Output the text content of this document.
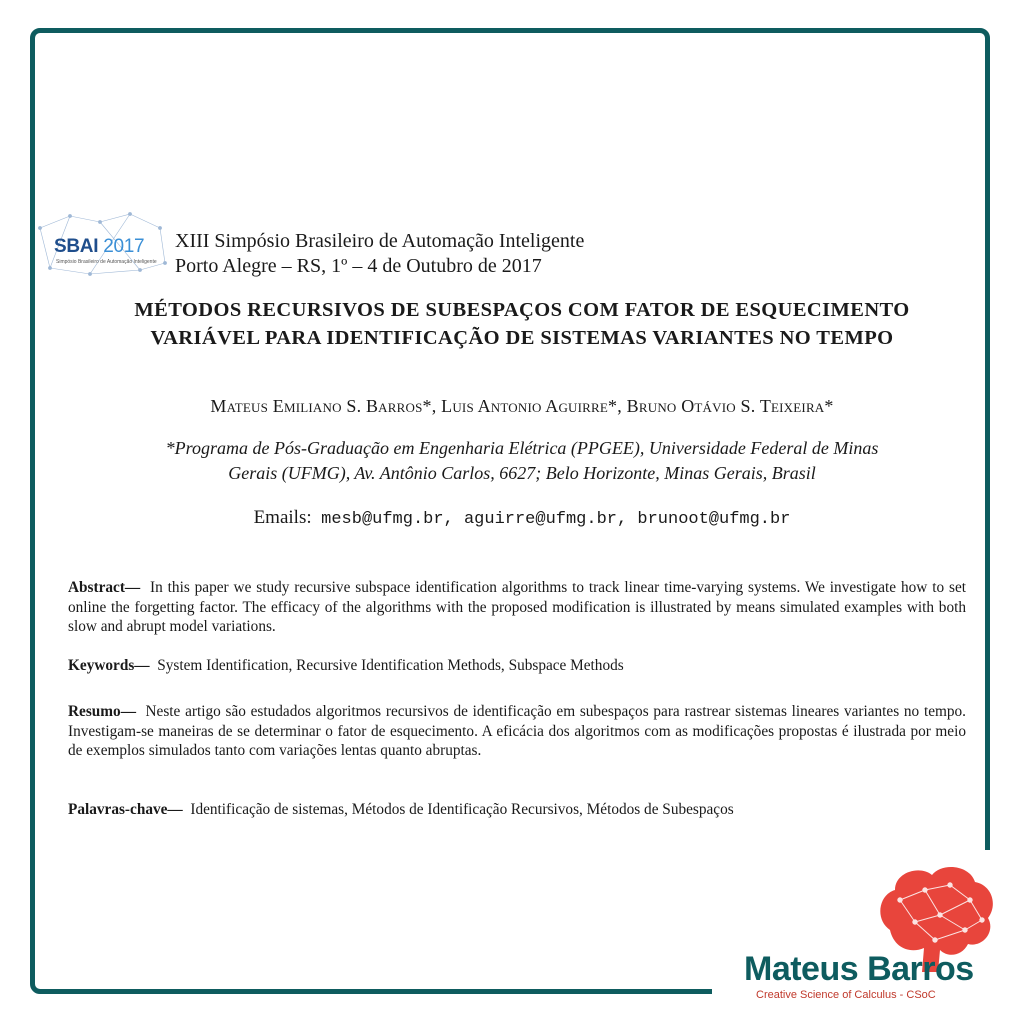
SBAI 2017
Simpósio Brasileiro de Automação Inteligente
XIII Simpósio Brasileiro de Automação Inteligente
Porto Alegre – RS, 1º – 4 de Outubro de 2017
MÉTODOS RECURSIVOS DE SUBESPAÇOS COM FATOR DE ESQUECIMENTO
VARIÁVEL PARA IDENTIFICAÇÃO DE SISTEMAS VARIANTES NO TEMPO
Mateus Emiliano S. Barros*, Luis Antonio Aguirre*, Bruno Otávio S. Teixeira*
*Programa de Pós-Graduação em Engenharia Elétrica (PPGEE), Universidade Federal de Minas
Gerais (UFMG), Av. Antônio Carlos, 6627; Belo Horizonte, Minas Gerais, Brasil
Emails: mesb@ufmg.br, aguirre@ufmg.br, brunoot@ufmg.br
Abstract— In this paper we study recursive subspace identification algorithms to track linear time-varying systems. We investigate how to set online the forgetting factor. The efficacy of the algorithms with the proposed modification is illustrated by means simulated examples with both slow and abrupt model variations.
Keywords— System Identification, Recursive Identification Methods, Subspace Methods
Resumo— Neste artigo são estudados algoritmos recursivos de identificação em subespaços para rastrear sistemas lineares variantes no tempo. Investigam-se maneiras de se determinar o fator de esquecimento. A eficácia dos algoritmos com as modificações propostas é ilustrada por meio de exemplos simulados tanto com variações lentas quanto abruptas.
Palavras-chave— Identificação de sistemas, Métodos de Identificação Recursivos, Métodos de Subespaços
Mateus Barros
Creative Science of Calculus - CSoC
